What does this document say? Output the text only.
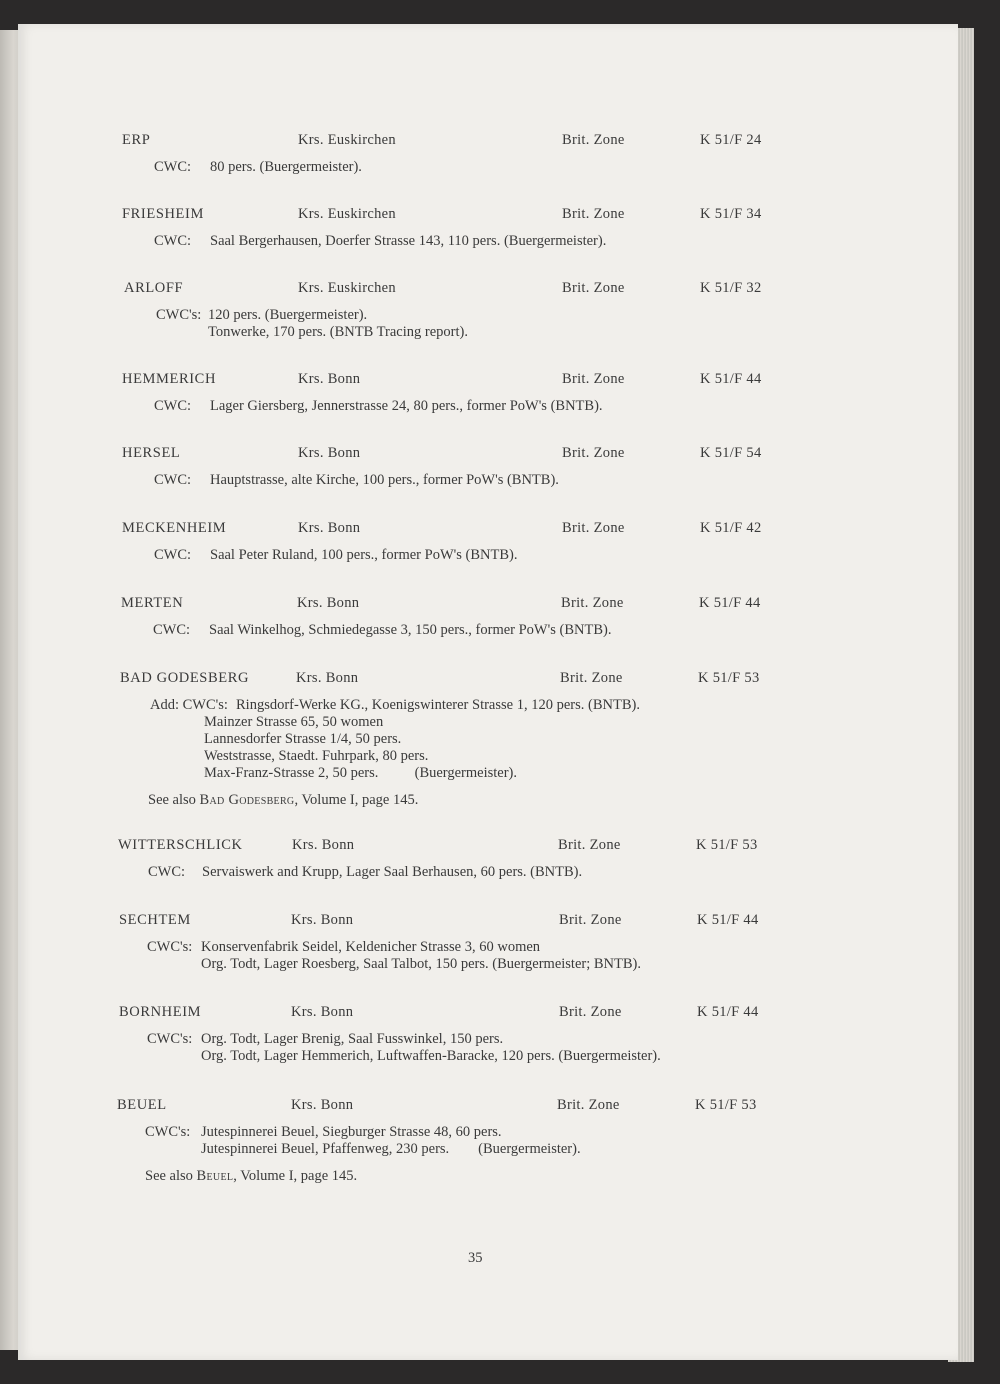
ERP	Krs. Euskirchen	Brit. Zone	K 51/F 24
CWC:	80 pers. (Buergermeister).
FRIESHEIM	Krs. Euskirchen	Brit. Zone	K 51/F 34
CWC:	Saal Bergerhausen, Doerfer Strasse 143, 110 pers. (Buergermeister).
ARLOFF	Krs. Euskirchen	Brit. Zone	K 51/F 32
CWC's: 120 pers. (Buergermeister).
Tonwerke, 170 pers. (BNTB Tracing report).
HEMMERICH	Krs. Bonn	Brit. Zone	K 51/F 44
CWC:	Lager Giersberg, Jennerstrasse 24, 80 pers., former PoW's (BNTB).
HERSEL	Krs. Bonn	Brit. Zone	K 51/F 54
CWC:	Hauptstrasse, alte Kirche, 100 pers., former PoW's (BNTB).
MECKENHEIM	Krs. Bonn	Brit. Zone	K 51/F 42
CWC:	Saal Peter Ruland, 100 pers., former PoW's (BNTB).
MERTEN	Krs. Bonn	Brit. Zone	K 51/F 44
CWC:	Saal Winkelhog, Schmiedegasse 3, 150 pers., former PoW's (BNTB).
BAD GODESBERG	Krs. Bonn	Brit. Zone	K 51/F 53
Add: CWC's: Ringsdorf-Werke KG., Koenigswinterer Strasse 1, 120 pers. (BNTB).
Mainzer Strasse 65, 50 women
Lannesdorfer Strasse 1/4, 50 pers.
Weststrasse, Staedt. Fuhrpark, 80 pers.
Max-Franz-Strasse 2, 50 pers.          (Buergermeister).
See also Bad Godesberg, Volume I, page 145.
WITTERSCHLICK	Krs. Bonn	Brit. Zone	K 51/F 53
CWC:	Servaiswerk and Krupp, Lager Saal Berhausen, 60 pers. (BNTB).
SECHTEM	Krs. Bonn	Brit. Zone	K 51/F 44
CWC's: Konservenfabrik Seidel, Keldenicher Strasse 3, 60 women
Org. Todt, Lager Roesberg, Saal Talbot, 150 pers. (Buergermeister; BNTB).
BORNHEIM	Krs. Bonn	Brit. Zone	K 51/F 44
CWC's: Org. Todt, Lager Brenig, Saal Fusswinkel, 150 pers.
Org. Todt, Lager Hemmerich, Luftwaffen-Baracke, 120 pers. (Buergermeister).
BEUEL	Krs. Bonn	Brit. Zone	K 51/F 53
CWC's: Jutespinnerei Beuel, Siegburger Strasse 48, 60 pers.
Jutespinnerei Beuel, Pfaffenweg, 230 pers.        (Buergermeister).
See also Beuel, Volume I, page 145.
35
